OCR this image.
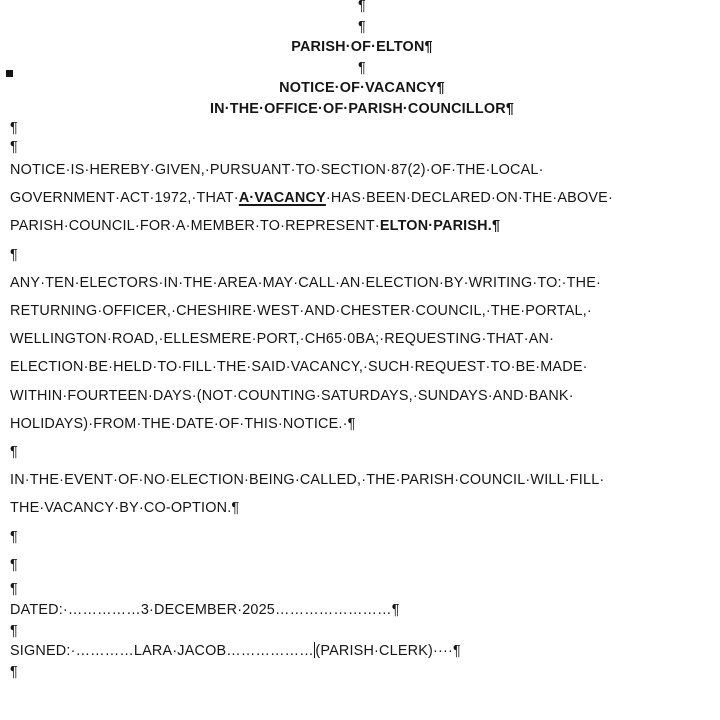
¶
¶
PARISH·OF·ELTON¶
¶
NOTICE·OF·VACANCY¶
IN·THE·OFFICE·OF·PARISH·COUNCILLOR¶
¶
¶
NOTICE·IS·HEREBY·GIVEN,·PURSUANT·TO·SECTION·87(2)·OF·THE·LOCAL·
GOVERNMENT·ACT·1972,·THAT·A·VACANCY·HAS·BEEN·DECLARED·ON·THE·ABOVE·
PARISH·COUNCIL·FOR·A·MEMBER·TO·REPRESENT·ELTON·PARISH.¶
¶
ANY·TEN·ELECTORS·IN·THE·AREA·MAY·CALL·AN·ELECTION·BY·WRITING·TO:·THE·
RETURNING·OFFICER,·CHESHIRE·WEST·AND·CHESTER·COUNCIL,·THE·PORTAL,·
WELLINGTON·ROAD,·ELLESMERE·PORT,·CH65·0BA;·REQUESTING·THAT·AN·
ELECTION·BE·HELD·TO·FILL·THE·SAID·VACANCY,·SUCH·REQUEST·TO·BE·MADE·
WITHIN·FOURTEEN·DAYS·(NOT·COUNTING·SATURDAYS,·SUNDAYS·AND·BANK·
HOLIDAYS)·FROM·THE·DATE·OF·THIS·NOTICE.·¶
¶
IN·THE·EVENT·OF·NO·ELECTION·BEING·CALLED,·THE·PARISH·COUNCIL·WILL·FILL·
THE·VACANCY·BY·CO-OPTION.¶
¶
¶
¶
DATED:·……………3·DECEMBER·2025……………………¶
¶
SIGNED:·…………LARA·JACOB……………… (PARISH·CLERK)····¶
¶
